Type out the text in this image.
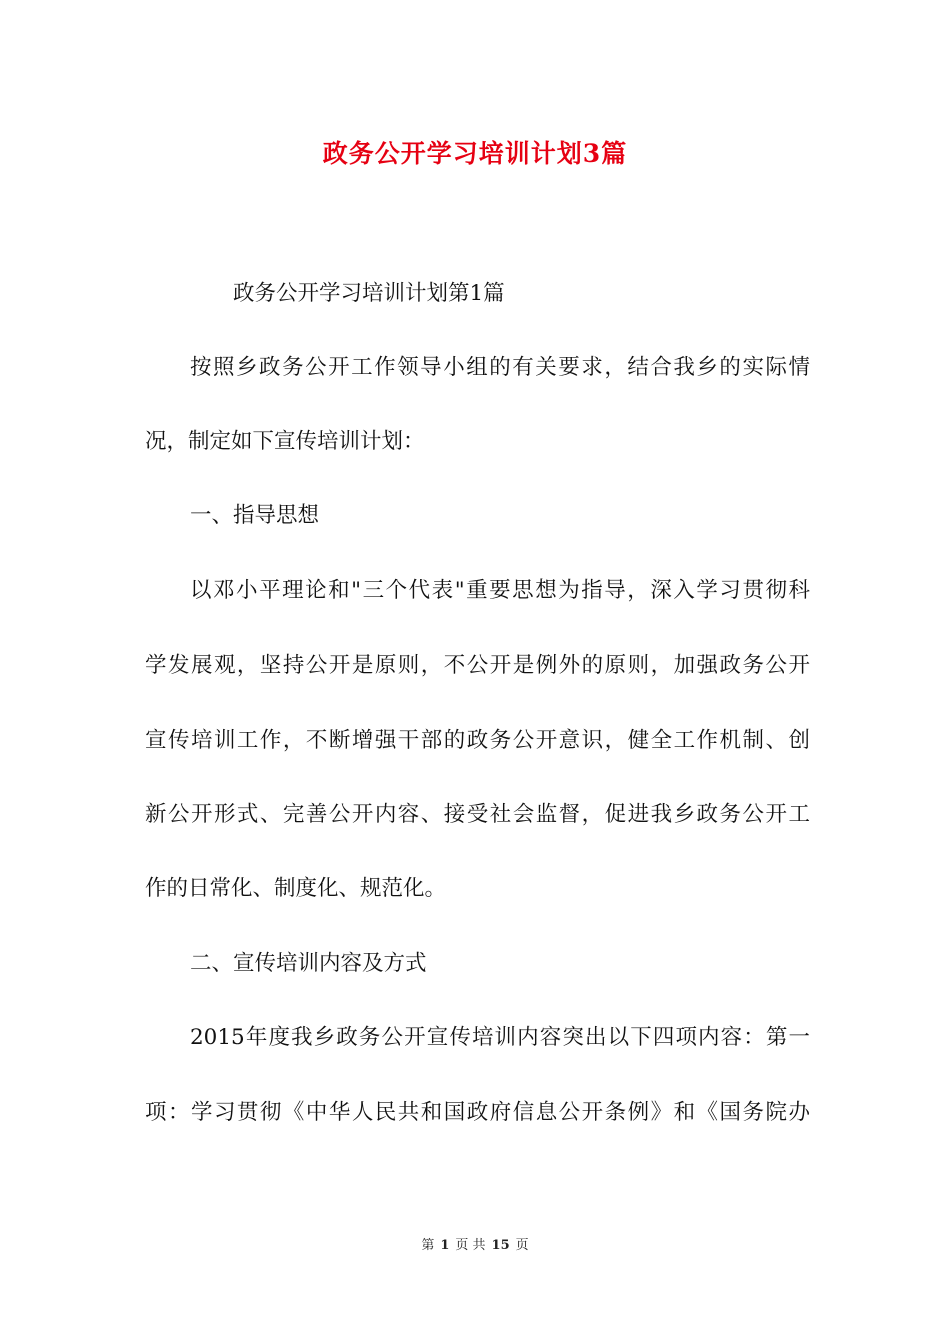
政务公开学习培训计划3篇
政务公开学习培训计划第1篇
按照乡政务公开工作领导小组的有关要求，结合我乡的实际情
况，制定如下宣传培训计划：
一、指导思想
以邓小平理论和"三个代表"重要思想为指导，深入学习贯彻科
学发展观，坚持公开是原则，不公开是例外的原则，加强政务公开
宣传培训工作，不断增强干部的政务公开意识，健全工作机制、创
新公开形式、完善公开内容、接受社会监督，促进我乡政务公开工
作的日常化、制度化、规范化。
二、宣传培训内容及方式
2015年度我乡政务公开宣传培训内容突出以下四项内容：第一
项：学习贯彻《中华人民共和国政府信息公开条例》和《国务院办
第 1 页 共 15 页
